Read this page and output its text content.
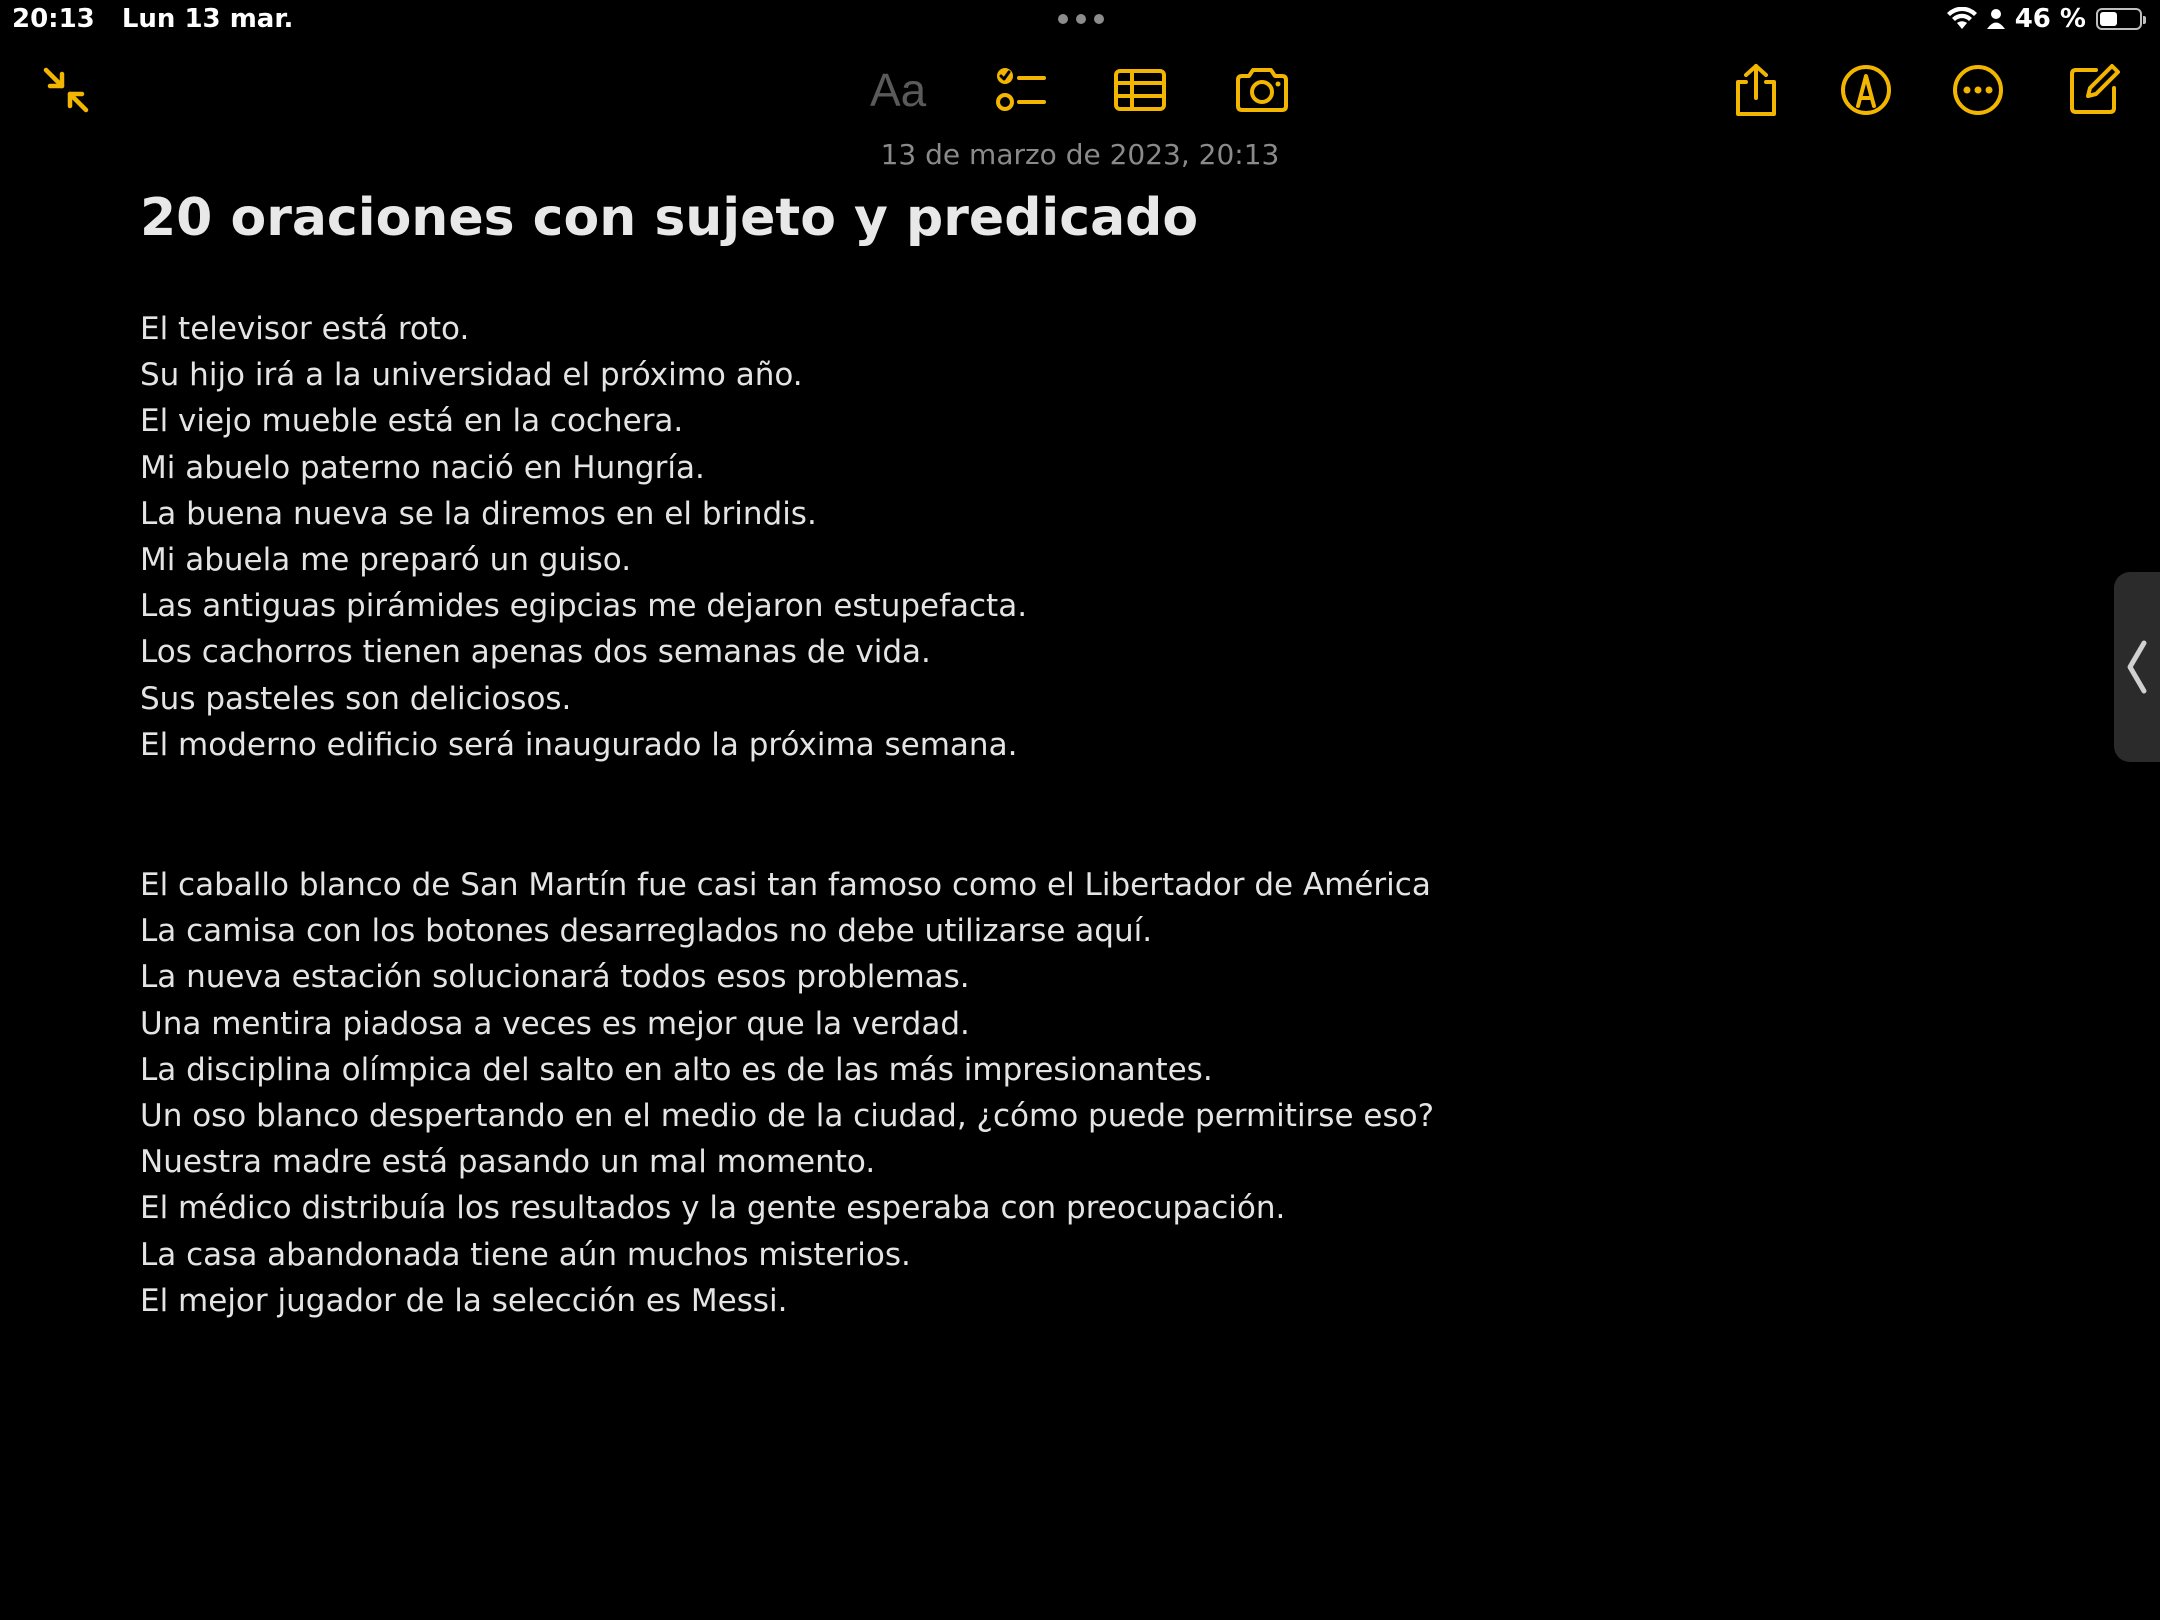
20:13 Lun 13 mar.	46 %
Aa
13 de marzo de 2023, 20:13
20 oraciones con sujeto y predicado
El televisor está roto.
Su hijo irá a la universidad el próximo año.
El viejo mueble está en la cochera.
Mi abuelo paterno nació en Hungría.
La buena nueva se la diremos en el brindis.
Mi abuela me preparó un guiso.
Las antiguas pirámides egipcias me dejaron estupefacta.
Los cachorros tienen apenas dos semanas de vida.
Sus pasteles son deliciosos.
El moderno edificio será inaugurado la próxima semana.
El caballo blanco de San Martín fue casi tan famoso como el Libertador de América
La camisa con los botones desarreglados no debe utilizarse aquí.
La nueva estación solucionará todos esos problemas.
Una mentira piadosa a veces es mejor que la verdad.
La disciplina olímpica del salto en alto es de las más impresionantes.
Un oso blanco despertando en el medio de la ciudad, ¿cómo puede permitirse eso?
Nuestra madre está pasando un mal momento.
El médico distribuía los resultados y la gente esperaba con preocupación.
La casa abandonada tiene aún muchos misterios.
El mejor jugador de la selección es Messi.
